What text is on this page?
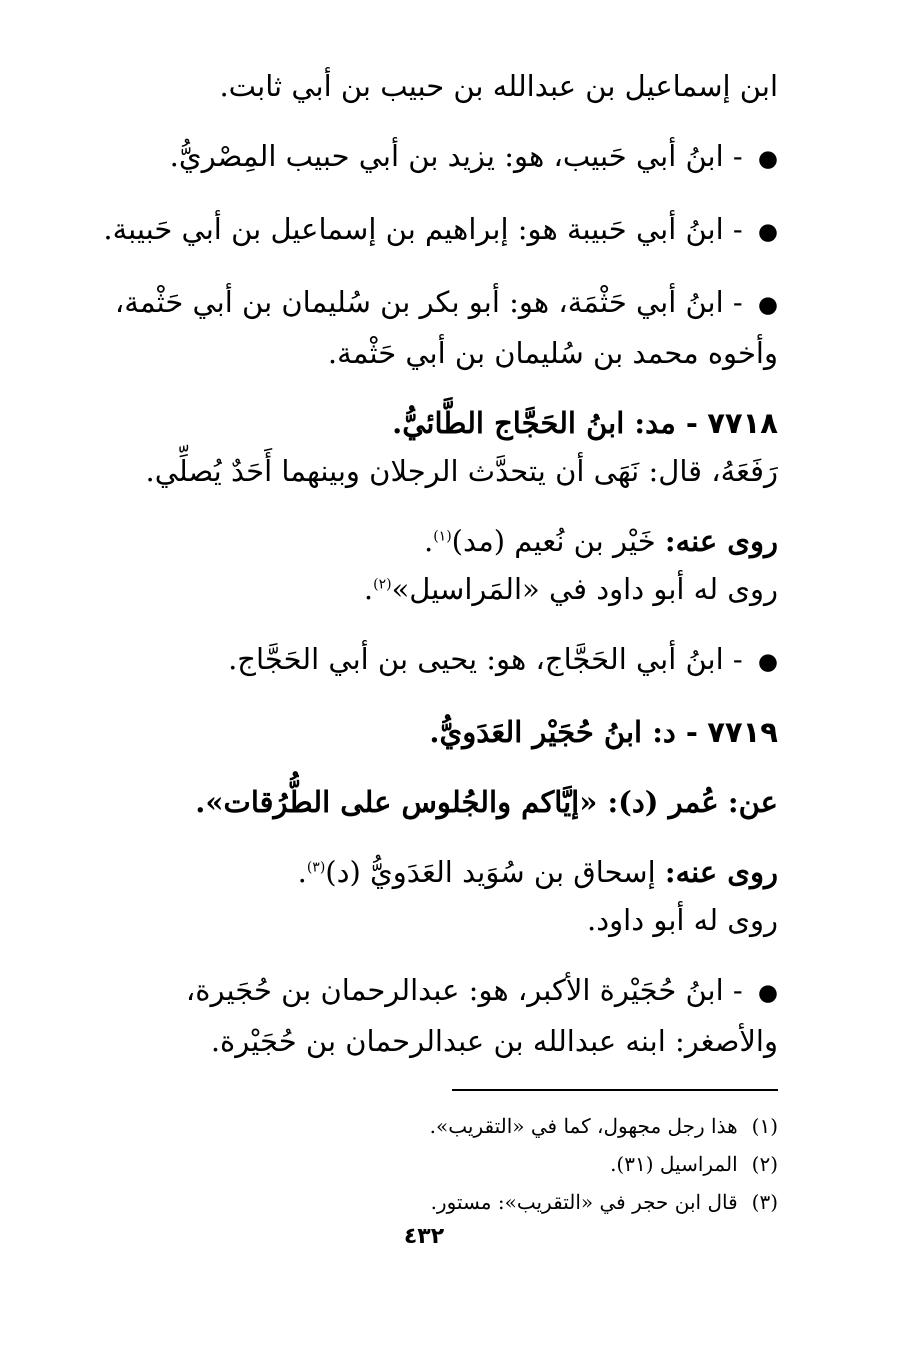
ابن إسماعيل بن عبدالله بن حبيب بن أبي ثابت.
● - ابنُ أبي حَبيب، هو: يزيد بن أبي حبيب المِصْريُّ.
● - ابنُ أبي حَبيبة هو: إبراهيم بن إسماعيل بن أبي حَبيبة.
● - ابنُ أبي حَثْمَة، هو: أبو بكر بن سُليمان بن أبي حَثْمة،
وأخوه محمد بن سُليمان بن أبي حَثْمة.
٧٧١٨ - مد: ابنُ الحَجَّاج الطَّائيُّ.
رَفَعَهُ، قال: نَهَى أن يتحدَّث الرجلان وبينهما أَحَدٌ يُصلِّي.
روى عنه: خَيْر بن نُعيم (مد)$^{(١)}$.
روى له أبو داود في «المَراسيل»$^{(٢)}$.
● - ابنُ أبي الحَجَّاج، هو: يحيى بن أبي الحَجَّاج.
٧٧١٩ - د: ابنُ حُجَيْر العَدَويُّ.
عن: عُمر (د): «إيَّاكم والجُلوس على الطُّرُقات».
روى عنه: إسحاق بن سُوَيد العَدَويُّ (د)$^{(٣)}$.
روى له أبو داود.
● - ابنُ حُجَيْرة الأكبر، هو: عبدالرحمان بن حُجَيرة،
والأصغر: ابنه عبدالله بن عبدالرحمان بن حُجَيْرة.
(١) هذا رجل مجهول، كما في «التقريب».
(٢) المراسيل (٣١).
(٣) قال ابن حجر في «التقريب»: مستور.
٤٣٢
